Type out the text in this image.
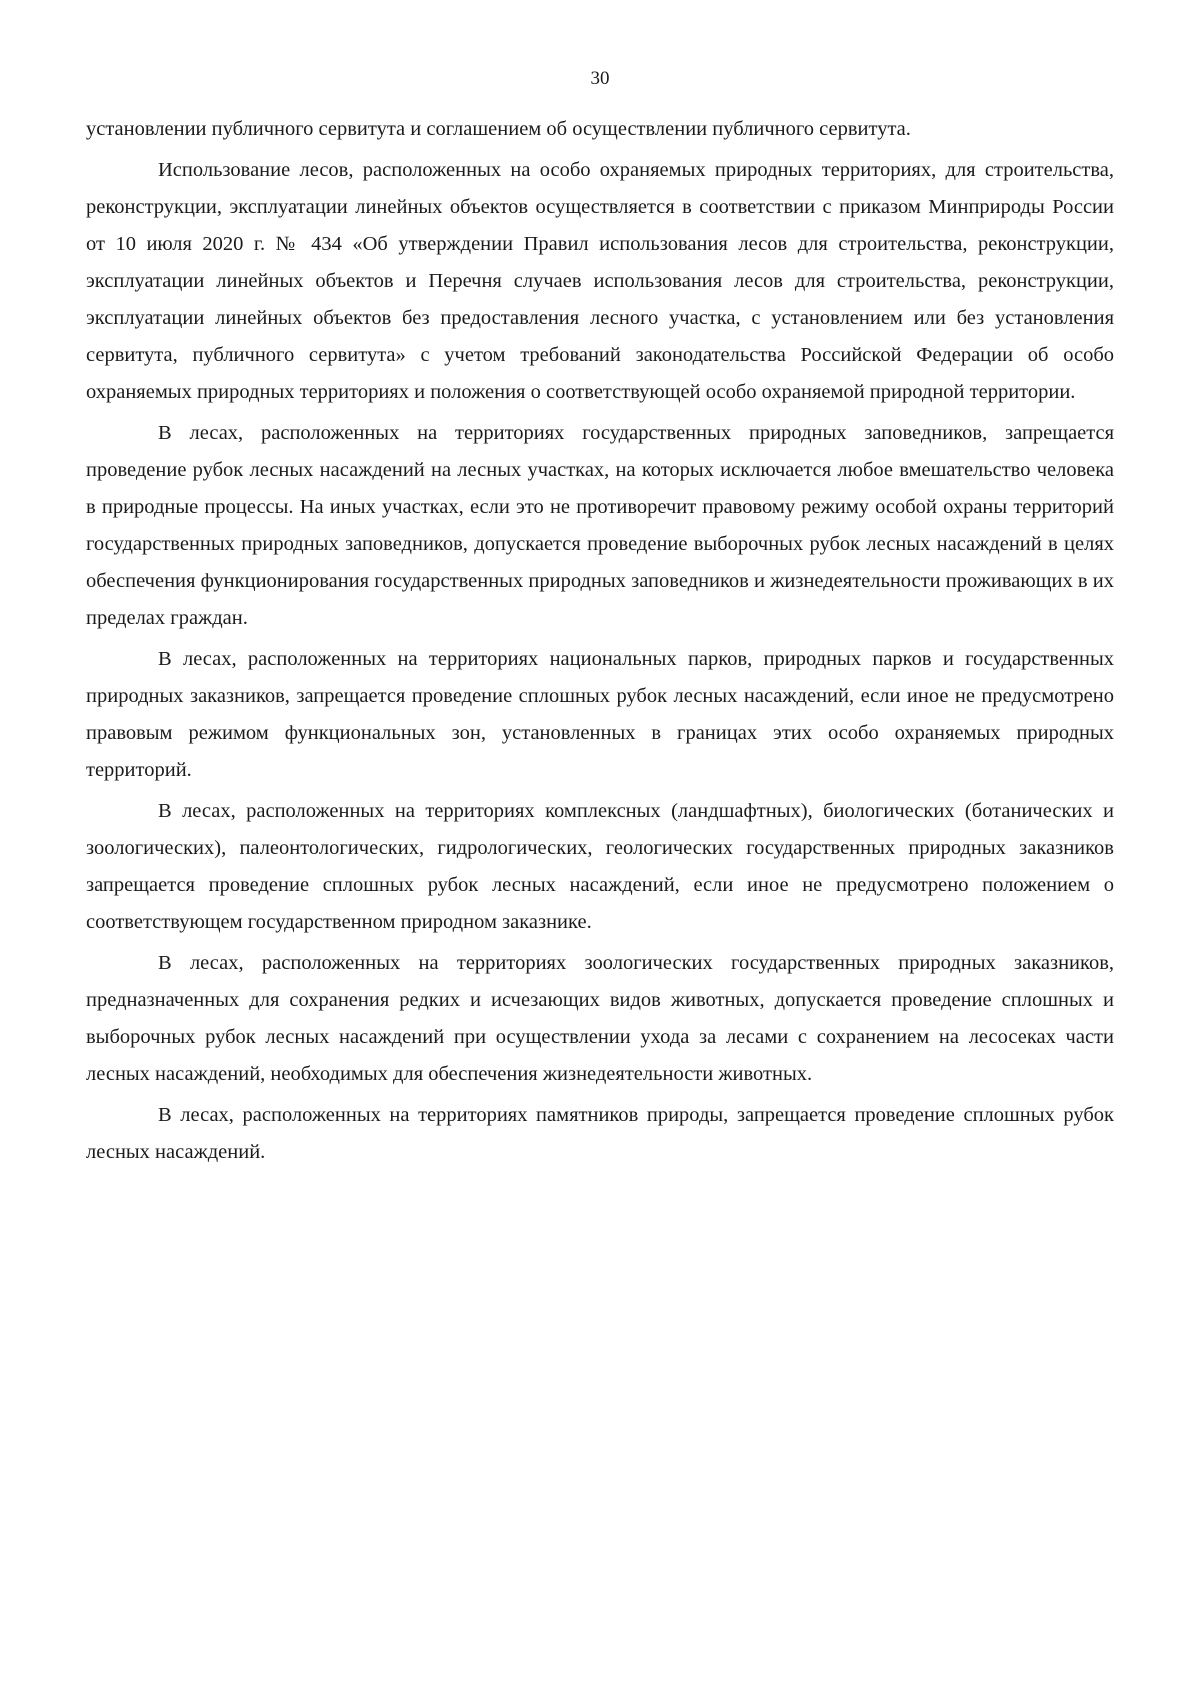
30

установлении публичного сервитута и соглашением об осуществлении публичного сервитута.

Использование лесов, расположенных на особо охраняемых природных территориях, для строительства, реконструкции, эксплуатации линейных объектов осуществляется в соответствии с приказом Минприроды России от 10 июля 2020 г. № 434 «Об утверждении Правил использования лесов для строительства, реконструкции, эксплуатации линейных объектов и Перечня случаев использования лесов для строительства, реконструкции, эксплуатации линейных объектов без предоставления лесного участка, с установлением или без установления сервитута, публичного сервитута» с учетом требований законодательства Российской Федерации об особо охраняемых природных территориях и положения о соответствующей особо охраняемой природной территории.

В лесах, расположенных на территориях государственных природных заповедников, запрещается проведение рубок лесных насаждений на лесных участках, на которых исключается любое вмешательство человека в природные процессы. На иных участках, если это не противоречит правовому режиму особой охраны территорий государственных природных заповедников, допускается проведение выборочных рубок лесных насаждений в целях обеспечения функционирования государственных природных заповедников и жизнедеятельности проживающих в их пределах граждан.

В лесах, расположенных на территориях национальных парков, природных парков и государственных природных заказников, запрещается проведение сплошных рубок лесных насаждений, если иное не предусмотрено правовым режимом функциональных зон, установленных в границах этих особо охраняемых природных территорий.

В лесах, расположенных на территориях комплексных (ландшафтных), биологических (ботанических и зоологических), палеонтологических, гидрологических, геологических государственных природных заказников запрещается проведение сплошных рубок лесных насаждений, если иное не предусмотрено положением о соответствующем государственном природном заказнике.

В лесах, расположенных на территориях зоологических государственных природных заказников, предназначенных для сохранения редких и исчезающих видов животных, допускается проведение сплошных и выборочных рубок лесных насаждений при осуществлении ухода за лесами с сохранением на лесосеках части лесных насаждений, необходимых для обеспечения жизнедеятельности животных.

В лесах, расположенных на территориях памятников природы, запрещается проведение сплошных рубок лесных насаждений.
